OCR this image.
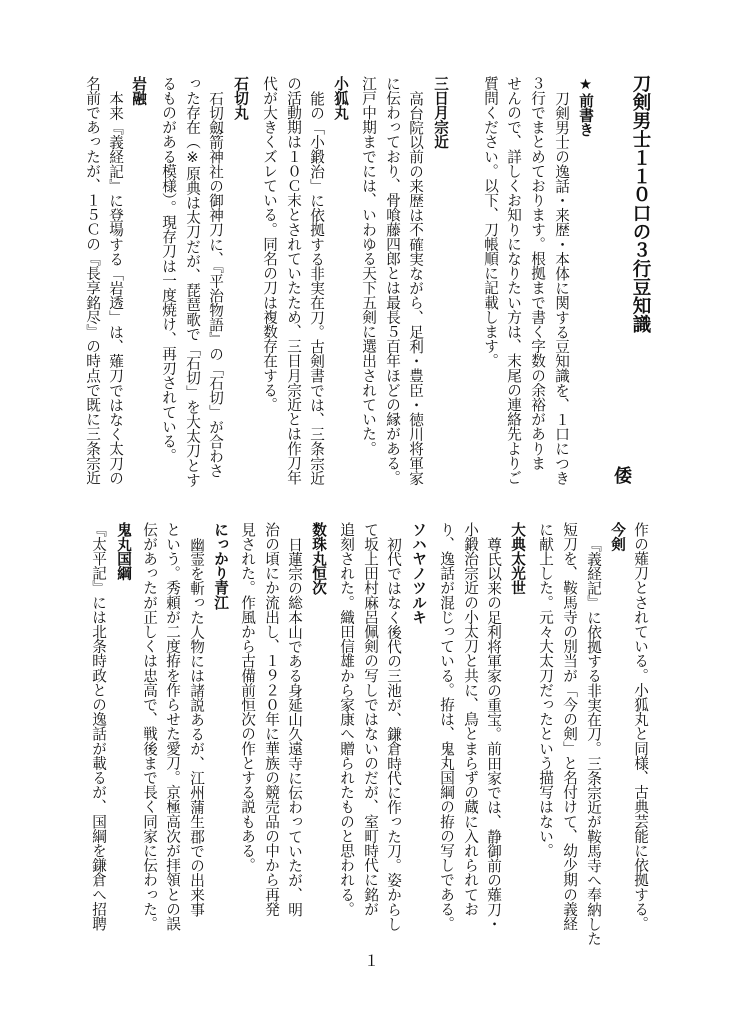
刀剣男士１１０口の３行豆知識
倭
★前書き
刀剣男士の逸話・来歴・本体に関する豆知識を、１口につき
３行でまとめております。根拠まで書く字数の余裕がありま
せんので、詳しくお知りになりたい方は、末尾の連絡先よりご
質問ください。以下、刀帳順に記載します。
三日月宗近
高台院以前の来歴は不確実ながら、足利・豊臣・徳川将軍家
に伝わっており、骨喰藤四郎とは最長５百年ほどの縁がある。
江戸中期までには、いわゆる天下五剣に選出されていた。
小狐丸
能の「小鍛治」に依拠する非実在刀。古剣書では、三条宗近
の活動期は１０Ｃ末とされていたため、三日月宗近とは作刀年
代が大きくズレている。同名の刀は複数存在する。
石切丸
石切劔箭神社の御神刀に、『平治物語』の「石切」が合わさ
った存在（※原典は太刀だが、琵琶歌で「石切」を大太刀とす
るものがある模様）。現存刀は一度焼け、再刃されている。
岩融
本来『義経記』に登場する「岩透」は、薙刀ではなく太刀の
名前であったが、１５Ｃの『長享銘尽』の時点で既に三条宗近
作の薙刀とされている。小狐丸と同様、古典芸能に依拠する。
今剣
『義経記』に依拠する非実在刀。三条宗近が鞍馬寺へ奉納した
短刀を、鞍馬寺の別当が「今の剣」と名付けて、幼少期の義経
に献上した。元々大太刀だったという描写はない。
大典太光世
尊氏以来の足利将軍家の重宝。前田家では、静御前の薙刀・
小鍛治宗近の小太刀と共に、鳥とまらずの蔵に入れられてお
り、逸話が混じっている。拵は、鬼丸国綱の拵の写しである。
ソハヤノツルキ
初代ではなく後代の三池が、鎌倉時代に作った刀。姿からし
て坂上田村麻呂佩剣の写しではないのだが、室町時代に銘が
追刻された。織田信雄から家康へ贈られたものと思われる。
数珠丸恒次
日蓮宗の総本山である身延山久遠寺に伝わっていたが、明
治の頃にか流出し、１９２０年に華族の競売品の中から再発
見された。作風から古備前恒次の作とする説もある。
にっかり青江
幽霊を斬った人物には諸説あるが、江州蒲生郡での出来事
という。秀頼が二度拵を作らせた愛刀。京極高次が拝領との誤
伝があったが正しくは忠高で、戦後まで長く同家に伝わった。
鬼丸国綱
『太平記』には北条時政との逸話が載るが、国綱を鎌倉へ招聘
１
